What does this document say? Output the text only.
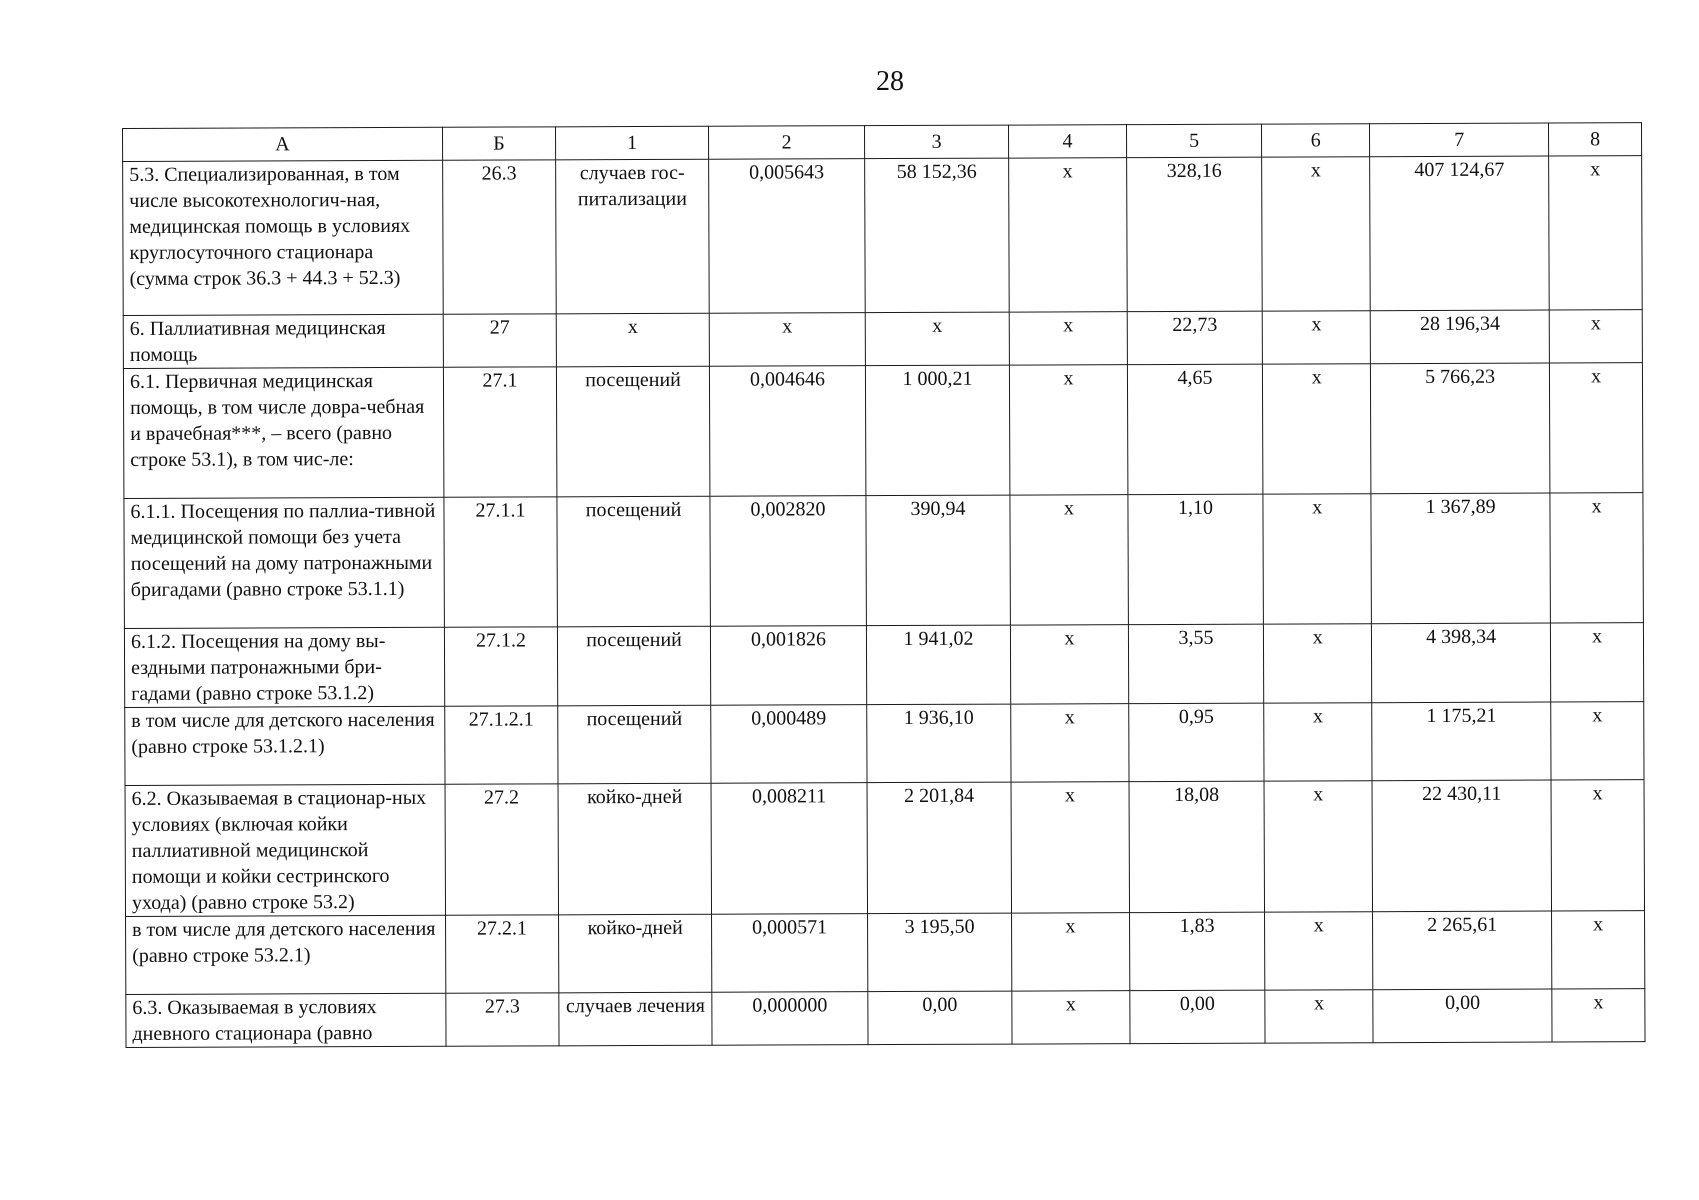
28
А	Б	1	2	3	4	5	6	7	8
5.3. Специализированная, в том числе высокотехнологич-ная, медицинская помощь в условиях круглосуточного стационара (сумма строк 36.3 + 44.3 + 52.3)	26.3	случаев гос-питализации	0,005643	58 152,36	х	328,16	х	407 124,67	х
6. Паллиативная медицинская помощь	27	х	х	х	х	22,73	х	28 196,34	х
6.1. Первичная медицинская помощь, в том числе довра-чебная и врачебная***, – всего (равно строке 53.1), в том чис-ле:	27.1	посещений	0,004646	1 000,21	х	4,65	х	5 766,23	х
6.1.1. Посещения по паллиа-тивной медицинской помощи без учета посещений на дому патронажными бригадами (равно строке 53.1.1)	27.1.1	посещений	0,002820	390,94	х	1,10	х	1 367,89	х
6.1.2. Посещения на дому вы-ездными патронажными бри-гадами (равно строке 53.1.2)	27.1.2	посещений	0,001826	1 941,02	х	3,55	х	4 398,34	х
в том числе для детского населения (равно строке 53.1.2.1)	27.1.2.1	посещений	0,000489	1 936,10	х	0,95	х	1 175,21	х
6.2. Оказываемая в стационар-ных условиях (включая койки паллиативной медицинской помощи и койки сестринского ухода) (равно строке 53.2)	27.2	койко-дней	0,008211	2 201,84	х	18,08	х	22 430,11	х
в том числе для детского населения (равно строке 53.2.1)	27.2.1	койко-дней	0,000571	3 195,50	х	1,83	х	2 265,61	х
6.3. Оказываемая в условиях дневного стационара (равно	27.3	случаев лечения	0,000000	0,00	х	0,00	х	0,00	х
